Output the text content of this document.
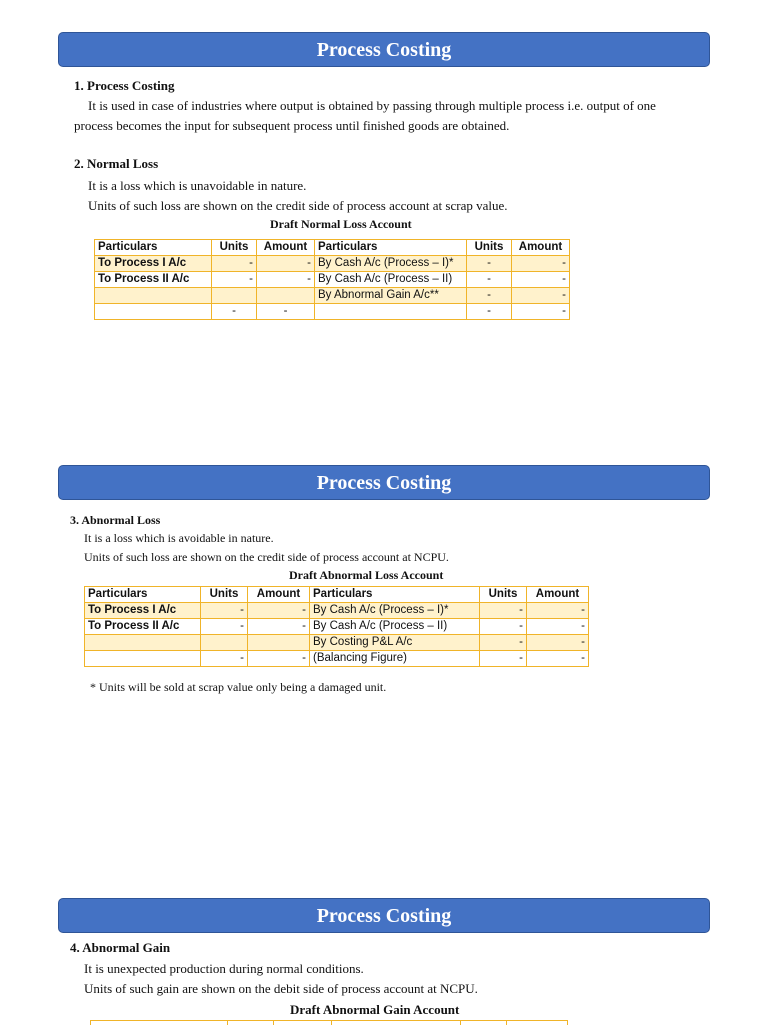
Process Costing
1. Process Costing
It is used in case of industries where output is obtained by passing through multiple process i.e. output of one
process becomes the input for subsequent process until finished goods are obtained.
2. Normal Loss
It is a loss which is unavoidable in nature.
Units of such loss are shown on the credit side of process account at scrap value.
Draft Normal Loss Account
Particulars	Units	Amount	Particulars	Units	Amount
To Process I A/c	-	-	By Cash A/c (Process – I)*	-	-
To Process II A/c	-	-	By Cash A/c (Process – II)	-	-
			By Abnormal Gain A/c**	-	-
	-	-		-	-
Process Costing
3. Abnormal Loss
It is a loss which is avoidable in nature.
Units of such loss are shown on the credit side of process account at NCPU.
Draft Abnormal Loss Account
Particulars	Units	Amount	Particulars	Units	Amount
To Process I A/c	-	-	By Cash A/c (Process – I)*	-	-
To Process II A/c	-	-	By Cash A/c (Process – II)	-	-
			By Costing P&L A/c	-	-
	-	-	(Balancing Figure)	-	-
* Units will be sold at scrap value only being a damaged unit.
Process Costing
4. Abnormal Gain
It is unexpected production during normal conditions.
Units of such gain are shown on the debit side of process account at NCPU.
Draft Abnormal Gain Account
